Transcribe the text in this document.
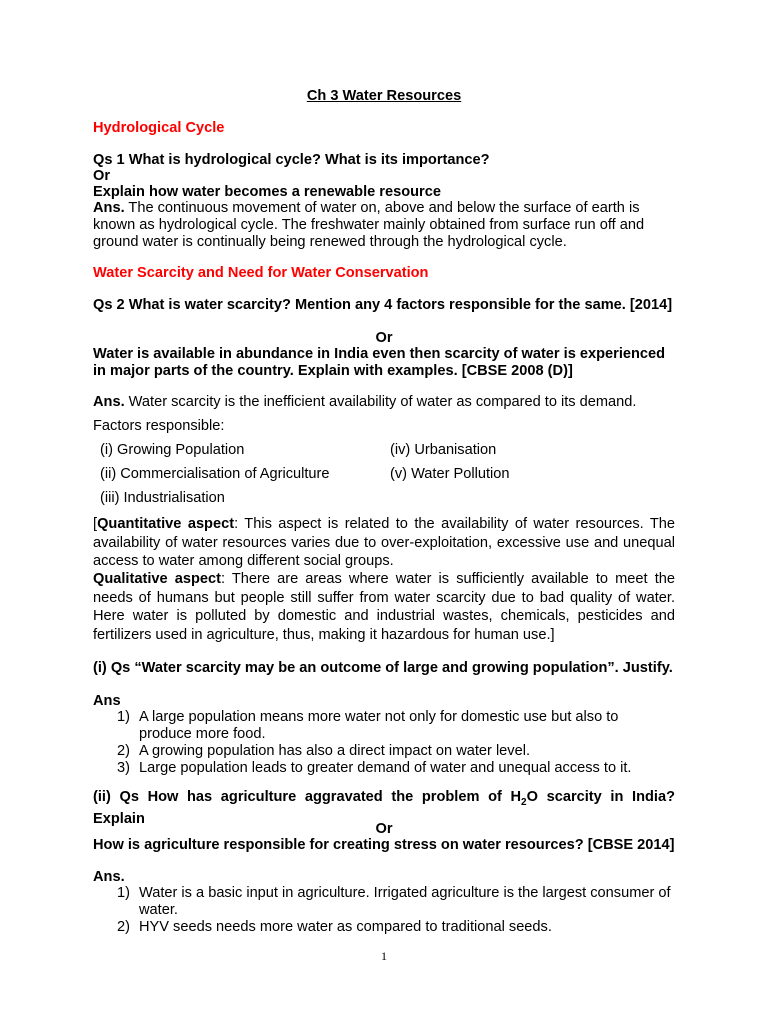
Ch 3 Water Resources
Hydrological Cycle
Qs 1 What is hydrological cycle? What is its importance?
Or
Explain how water becomes a renewable resource
Ans. The continuous movement of water on, above and below the surface of earth is known as hydrological cycle. The freshwater mainly obtained from surface run off and ground water is continually being renewed through the hydrological cycle.
Water Scarcity and Need for Water Conservation
Qs 2 What is water scarcity? Mention any 4 factors responsible for the same. [2014]
Or
Water is available in abundance in India even then scarcity of water is experienced in major parts of the country. Explain with examples. [CBSE 2008 (D)]
Ans. Water scarcity is the inefficient availability of water as compared to its demand.
Factors responsible:
(i) Growing Population	(iv) Urbanisation
(ii) Commercialisation of Agriculture	(v) Water Pollution
(iii) Industrialisation
[Quantitative aspect: This aspect is related to the availability of water resources. The availability of water resources varies due to over-exploitation, excessive use and unequal access to water among different social groups.
Qualitative aspect: There are areas where water is sufficiently available to meet the needs of humans but people still suffer from water scarcity due to bad quality of water. Here water is polluted by domestic and industrial wastes, chemicals, pesticides and fertilizers used in agriculture, thus, making it hazardous for human use.]
(i) Qs “Water scarcity may be an outcome of large and growing population”. Justify.
Ans
1) A large population means more water not only for domestic use but also to produce more food.
2) A growing population has also a direct impact on water level.
3) Large population leads to greater demand of water and unequal access to it.
(ii) Qs How has agriculture aggravated the problem of $H_2O$ scarcity in India? Explain
Or
How is agriculture responsible for creating stress on water resources? [CBSE 2014]
Ans.
1) Water is a basic input in agriculture. Irrigated agriculture is the largest consumer of water.
2) HYV seeds needs more water as compared to traditional seeds.
1
